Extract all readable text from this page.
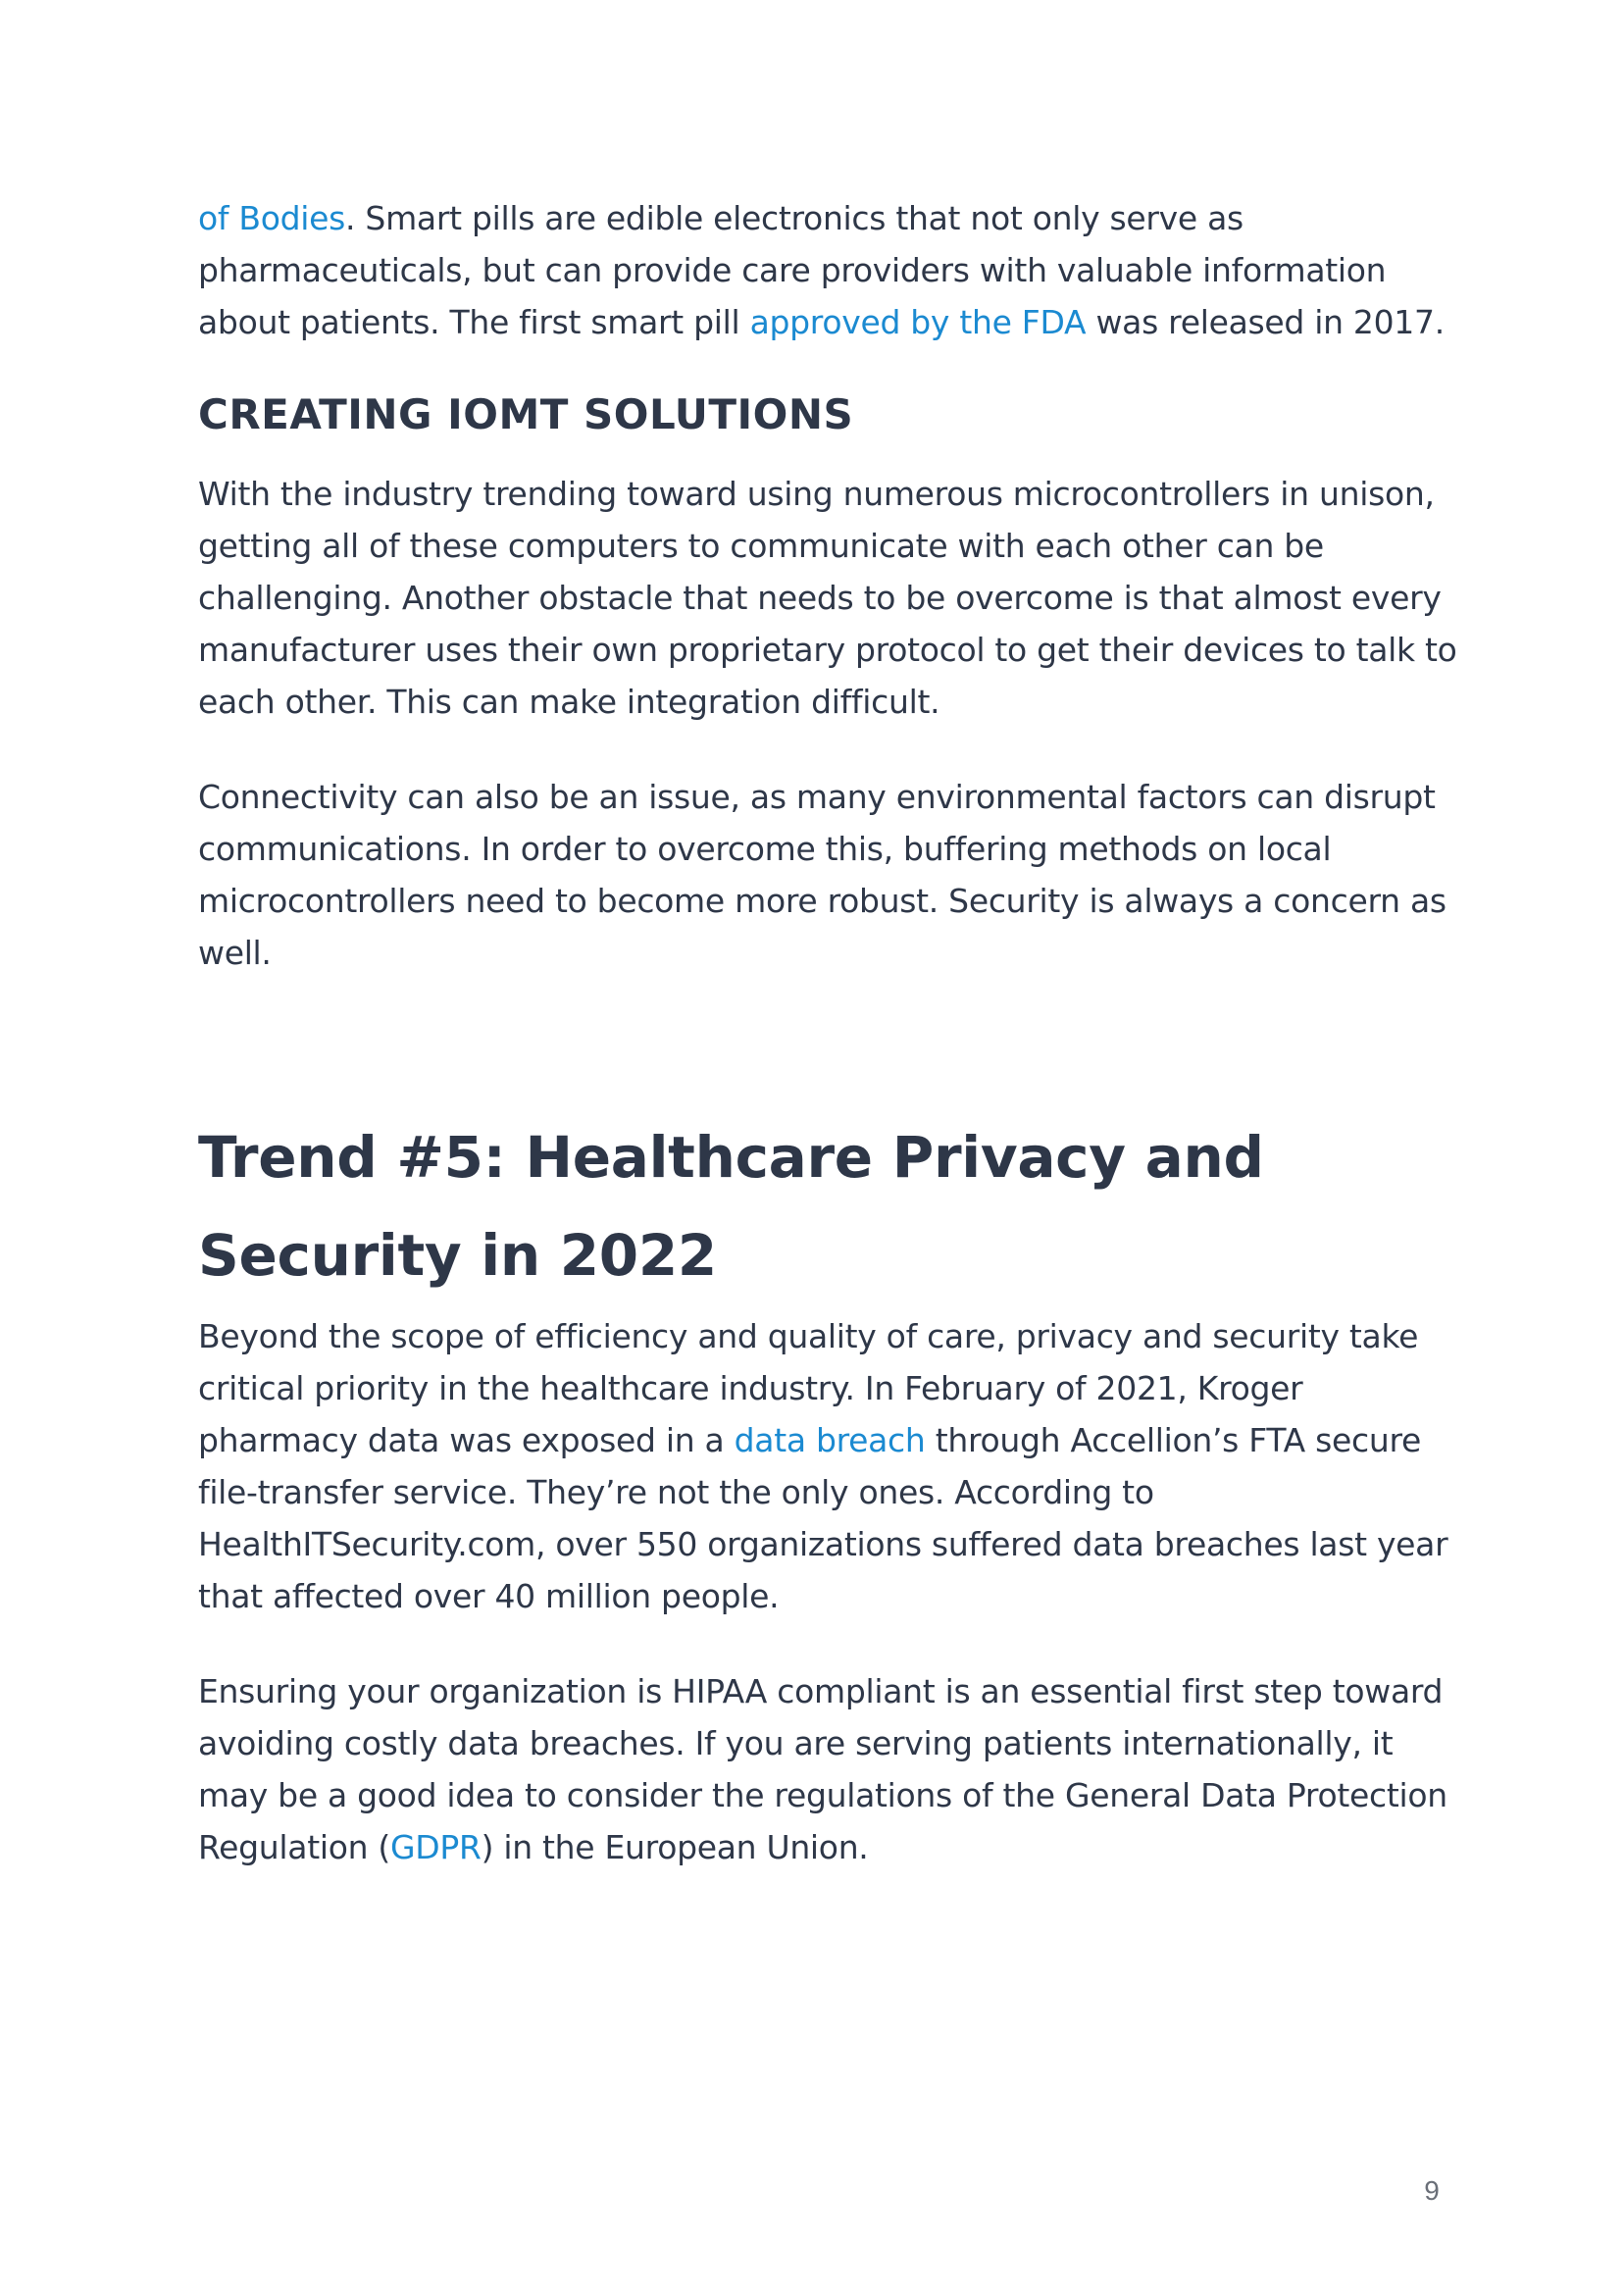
of Bodies. Smart pills are edible electronics that not only serve as pharmaceuticals, but can provide care providers with valuable information about patients. The first smart pill approved by the FDA was released in 2017.

CREATING IOMT SOLUTIONS

With the industry trending toward using numerous microcontrollers in unison, getting all of these computers to communicate with each other can be challenging. Another obstacle that needs to be overcome is that almost every manufacturer uses their own proprietary protocol to get their devices to talk to each other. This can make integration difficult.

Connectivity can also be an issue, as many environmental factors can disrupt communications. In order to overcome this, buffering methods on local microcontrollers need to become more robust. Security is always a concern as well.

Trend #5: Healthcare Privacy and Security in 2022

Beyond the scope of efficiency and quality of care, privacy and security take critical priority in the healthcare industry. In February of 2021, Kroger pharmacy data was exposed in a data breach through Accellion’s FTA secure file-transfer service. They’re not the only ones. According to HealthITSecurity.com, over 550 organizations suffered data breaches last year that affected over 40 million people.

Ensuring your organization is HIPAA compliant is an essential first step toward avoiding costly data breaches. If you are serving patients internationally, it may be a good idea to consider the regulations of the General Data Protection Regulation (GDPR) in the European Union.

9
